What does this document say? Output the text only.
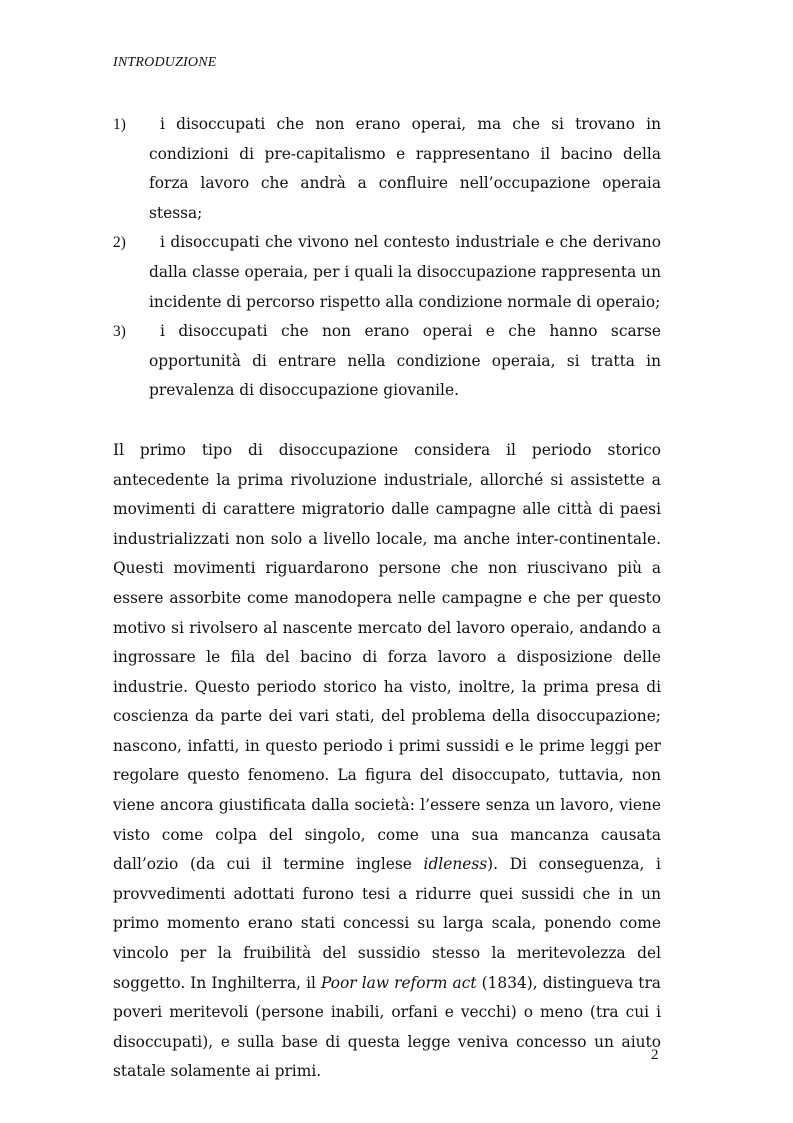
INTRODUZIONE
1)	i disoccupati che non erano operai, ma che si trovano in condizioni di pre-capitalismo e rappresentano il bacino della forza lavoro che andrà a confluire nell’occupazione operaia stessa;
2)	i disoccupati che vivono nel contesto industriale e che derivano dalla classe operaia, per i quali la disoccupazione rappresenta un incidente di percorso rispetto alla condizione normale di operaio;
3)	i disoccupati che non erano operai e che hanno scarse opportunità di entrare nella condizione operaia, si tratta in prevalenza di disoccupazione giovanile.

Il primo tipo di disoccupazione considera il periodo storico antecedente la prima rivoluzione industriale, allorché si assistette a movimenti di carattere migratorio dalle campagne alle città di paesi industrializzati non solo a livello locale, ma anche inter-continentale. Questi movimenti riguardarono persone che non riuscivano più a essere assorbite come manodopera nelle campagne e che per questo motivo si rivolsero al nascente mercato del lavoro operaio, andando a ingrossare le fila del bacino di forza lavoro a disposizione delle industrie. Questo periodo storico ha visto, inoltre, la prima presa di coscienza da parte dei vari stati, del problema della disoccupazione; nascono, infatti, in questo periodo i primi sussidi e le prime leggi per regolare questo fenomeno. La figura del disoccupato, tuttavia, non viene ancora giustificata dalla società: l’essere senza un lavoro, viene visto come colpa del singolo, come una sua mancanza causata dall’ozio (da cui il termine inglese idleness). Di conseguenza, i provvedimenti adottati furono tesi a ridurre quei sussidi che in un primo momento erano stati concessi su larga scala, ponendo come vincolo per la fruibilità del sussidio stesso la meritevolezza del soggetto. In Inghilterra, il Poor law reform act (1834), distingueva tra poveri meritevoli (persone inabili, orfani e vecchi) o meno (tra cui i disoccupati), e sulla base di questa legge veniva concesso un aiuto statale solamente ai primi.

2
